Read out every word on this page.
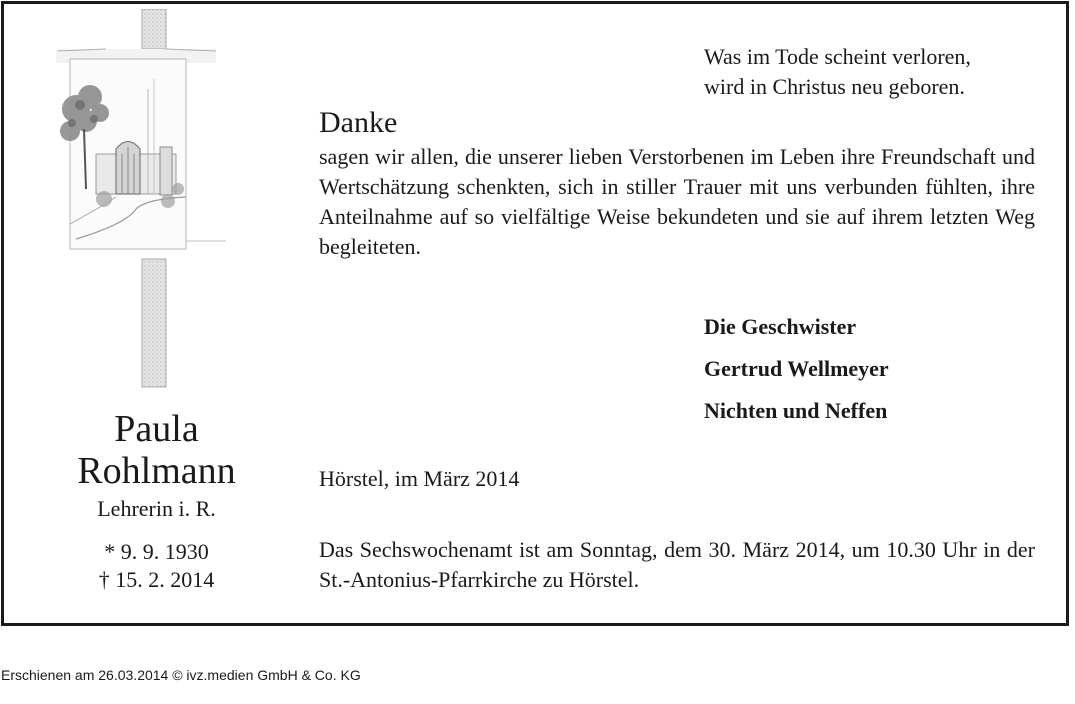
Paula
Rohlmann
Lehrerin i. R.
* 9. 9. 1930
† 15. 2. 2014
Was im Tode scheint verloren,
wird in Christus neu geboren.
Danke
sagen wir allen, die unserer lieben Verstorbenen im Leben ihre Freundschaft und Wertschätzung schenkten, sich in stiller Trauer mit uns verbunden fühlten, ihre Anteilnahme auf so vielfältige Weise bekundeten und sie auf ihrem letzten Weg begleiteten.
Die Geschwister
Gertrud Wellmeyer
Nichten und Neffen
Hörstel, im März 2014
Das Sechswochenamt ist am Sonntag, dem 30. März 2014, um 10.30 Uhr in der St.-Antonius-Pfarrkirche zu Hörstel.
Erschienen am 26.03.2014 © ivz.medien GmbH & Co. KG
